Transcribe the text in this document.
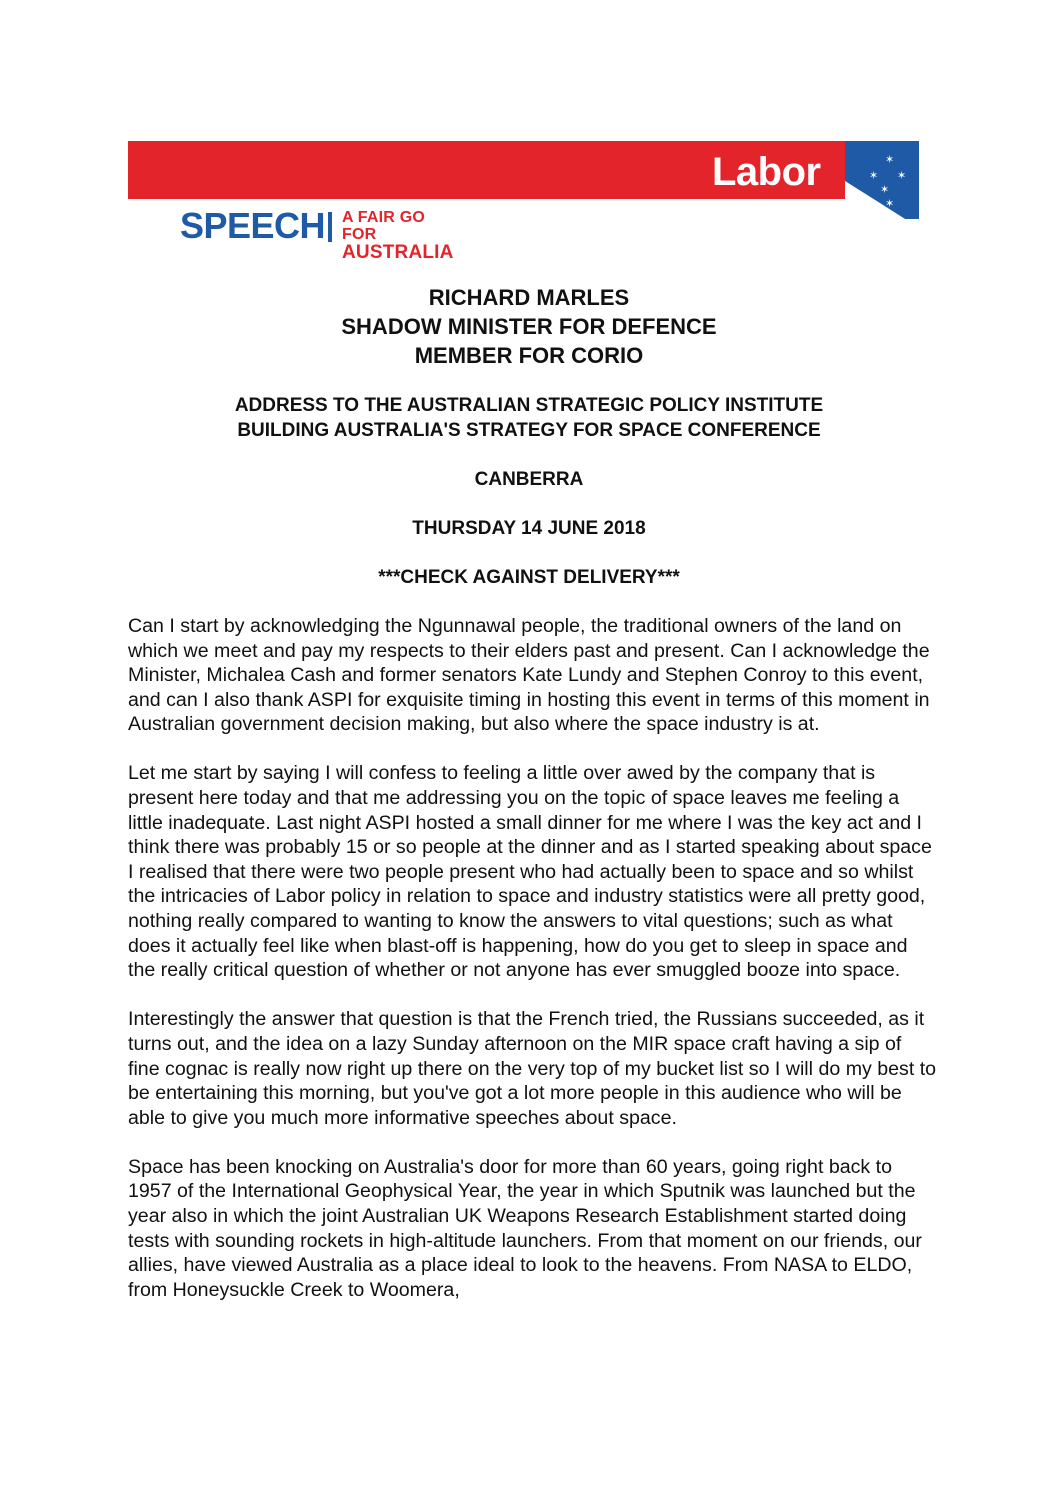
Labor	✶
✶ ✶
✶
✶
SPEECH A FAIR GO FOR
AUSTRALIA
RICHARD MARLES
SHADOW MINISTER FOR DEFENCE
MEMBER FOR CORIO
ADDRESS TO THE AUSTRALIAN STRATEGIC POLICY INSTITUTE
BUILDING AUSTRALIA'S STRATEGY FOR SPACE CONFERENCE
CANBERRA
THURSDAY 14 JUNE 2018
***CHECK AGAINST DELIVERY***

Can I start by acknowledging the Ngunnawal people, the traditional owners of the land on which we meet and pay my respects to their elders past and present. Can I acknowledge the Minister, Michalea Cash and former senators Kate Lundy and Stephen Conroy to this event, and can I also thank ASPI for exquisite timing in hosting this event in terms of this moment in Australian government decision making, but also where the space industry is at.

Let me start by saying I will confess to feeling a little over awed by the company that is present here today and that me addressing you on the topic of space leaves me feeling a little inadequate. Last night ASPI hosted a small dinner for me where I was the key act and I think there was probably 15 or so people at the dinner and as I started speaking about space I realised that there were two people present who had actually been to space and so whilst the intricacies of Labor policy in relation to space and industry statistics were all pretty good, nothing really compared to wanting to know the answers to vital questions; such as what does it actually feel like when blast-off is happening, how do you get to sleep in space and the really critical question of whether or not anyone has ever smuggled booze into space.

Interestingly the answer that question is that the French tried, the Russians succeeded, as it turns out, and the idea on a lazy Sunday afternoon on the MIR space craft having a sip of fine cognac is really now right up there on the very top of my bucket list so I will do my best to be entertaining this morning, but you've got a lot more people in this audience who will be able to give you much more informative speeches about space.

Space has been knocking on Australia's door for more than 60 years, going right back to 1957 of the International Geophysical Year, the year in which Sputnik was launched but the year also in which the joint Australian UK Weapons Research Establishment started doing tests with sounding rockets in high-altitude launchers. From that moment on our friends, our allies, have viewed Australia as a place ideal to look to the heavens. From NASA to ELDO, from Honeysuckle Creek to Woomera,
